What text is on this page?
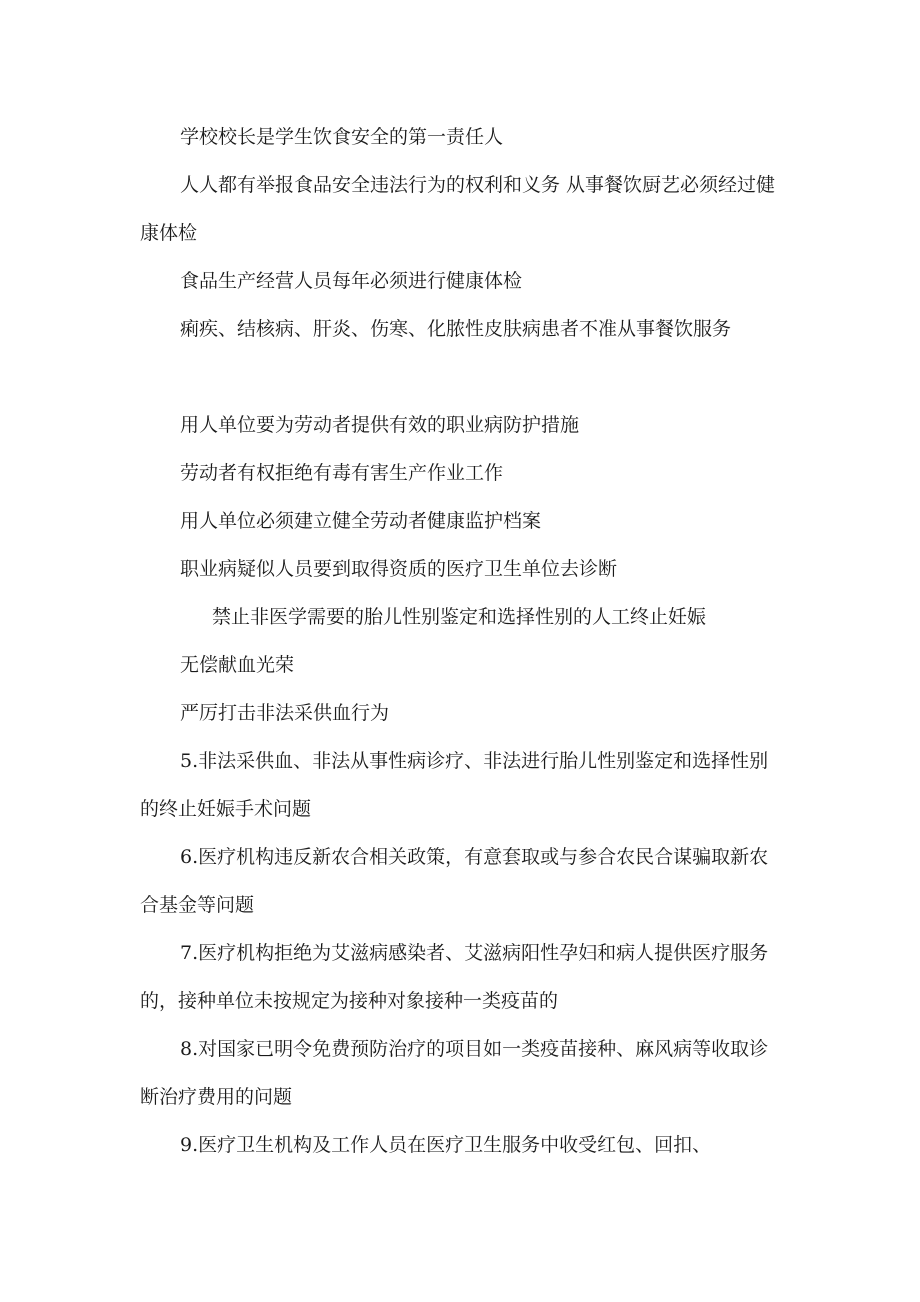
学校校长是学生饮食安全的第一责任人

人人都有举报食品安全违法行为的权利和义务 从事餐饮厨艺必须经过健康体检

食品生产经营人员每年必须进行健康体检

痢疾、结核病、肝炎、伤寒、化脓性皮肤病患者不准从事餐饮服务

用人单位要为劳动者提供有效的职业病防护措施

劳动者有权拒绝有毒有害生产作业工作

用人单位必须建立健全劳动者健康监护档案

职业病疑似人员要到取得资质的医疗卫生单位去诊断

禁止非医学需要的胎儿性别鉴定和选择性别的人工终止妊娠

无偿献血光荣

严厉打击非法采供血行为

5.非法采供血、非法从事性病诊疗、非法进行胎儿性别鉴定和选择性别的终止妊娠手术问题

6.医疗机构违反新农合相关政策，有意套取或与参合农民合谋骗取新农合基金等问题

7.医疗机构拒绝为艾滋病感染者、艾滋病阳性孕妇和病人提供医疗服务的，接种单位未按规定为接种对象接种一类疫苗的

8.对国家已明令免费预防治疗的项目如一类疫苗接种、麻风病等收取诊断治疗费用的问题

9.医疗卫生机构及工作人员在医疗卫生服务中收受红包、回扣、
